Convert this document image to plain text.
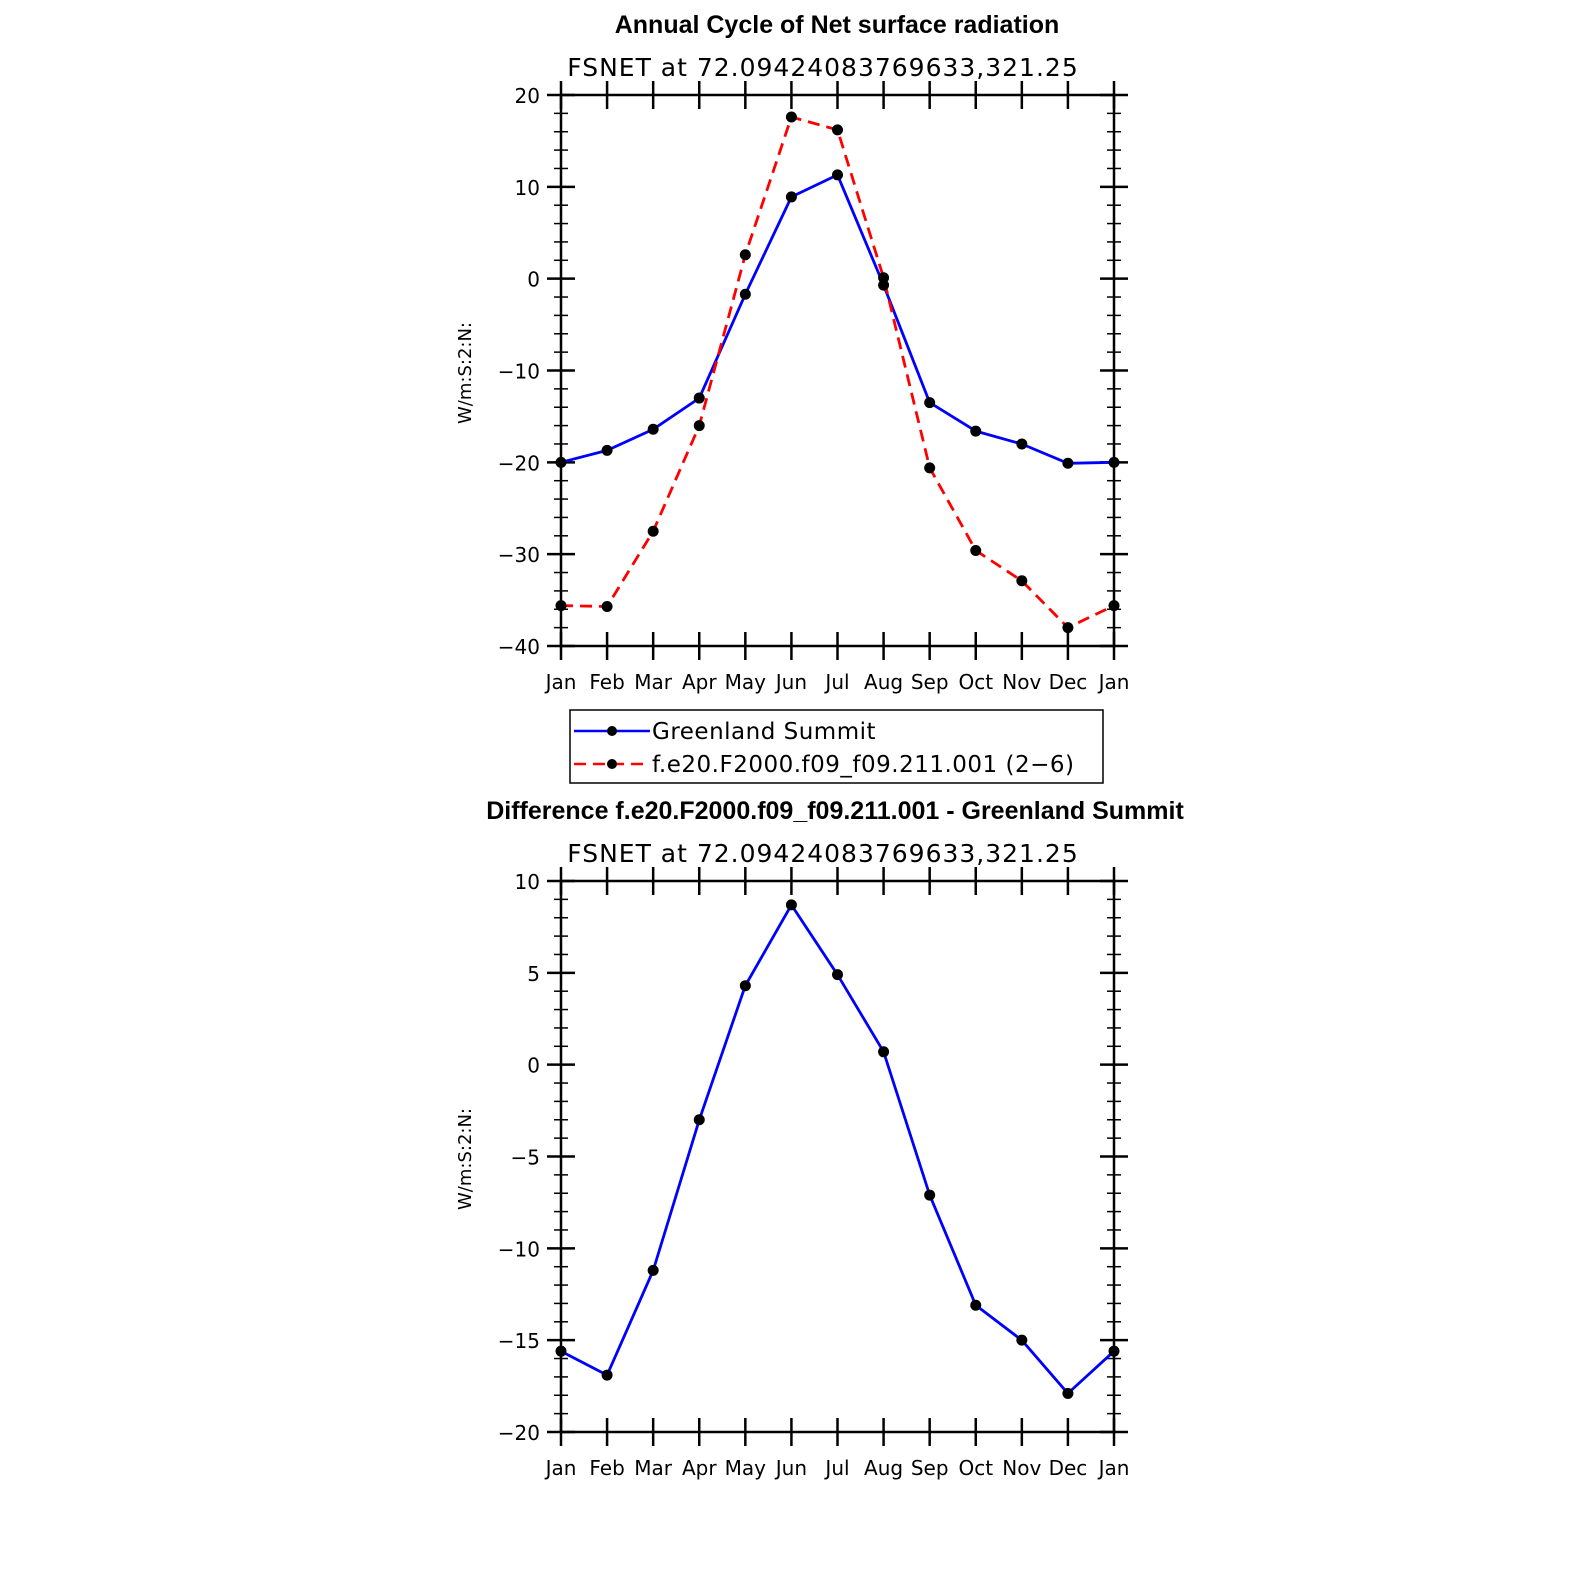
Annual Cycle of Net surface radiation
FSNET at 72.09424083769633,321.25
W/m:S:2:N:
−40
−30
−20
−10
0
10
20
Jan Feb Mar Apr May Jun Jul Aug Sep Oct Nov Dec Jan
Greenland Summit
f.e20.F2000.f09_f09.211.001 (2−6)
Difference f.e20.F2000.f09_f09.211.001 - Greenland Summit
FSNET at 72.09424083769633,321.25
W/m:S:2:N:
−20
−15
−10
−5
0
5
10
Jan Feb Mar Apr May Jun Jul Aug Sep Oct Nov Dec Jan
